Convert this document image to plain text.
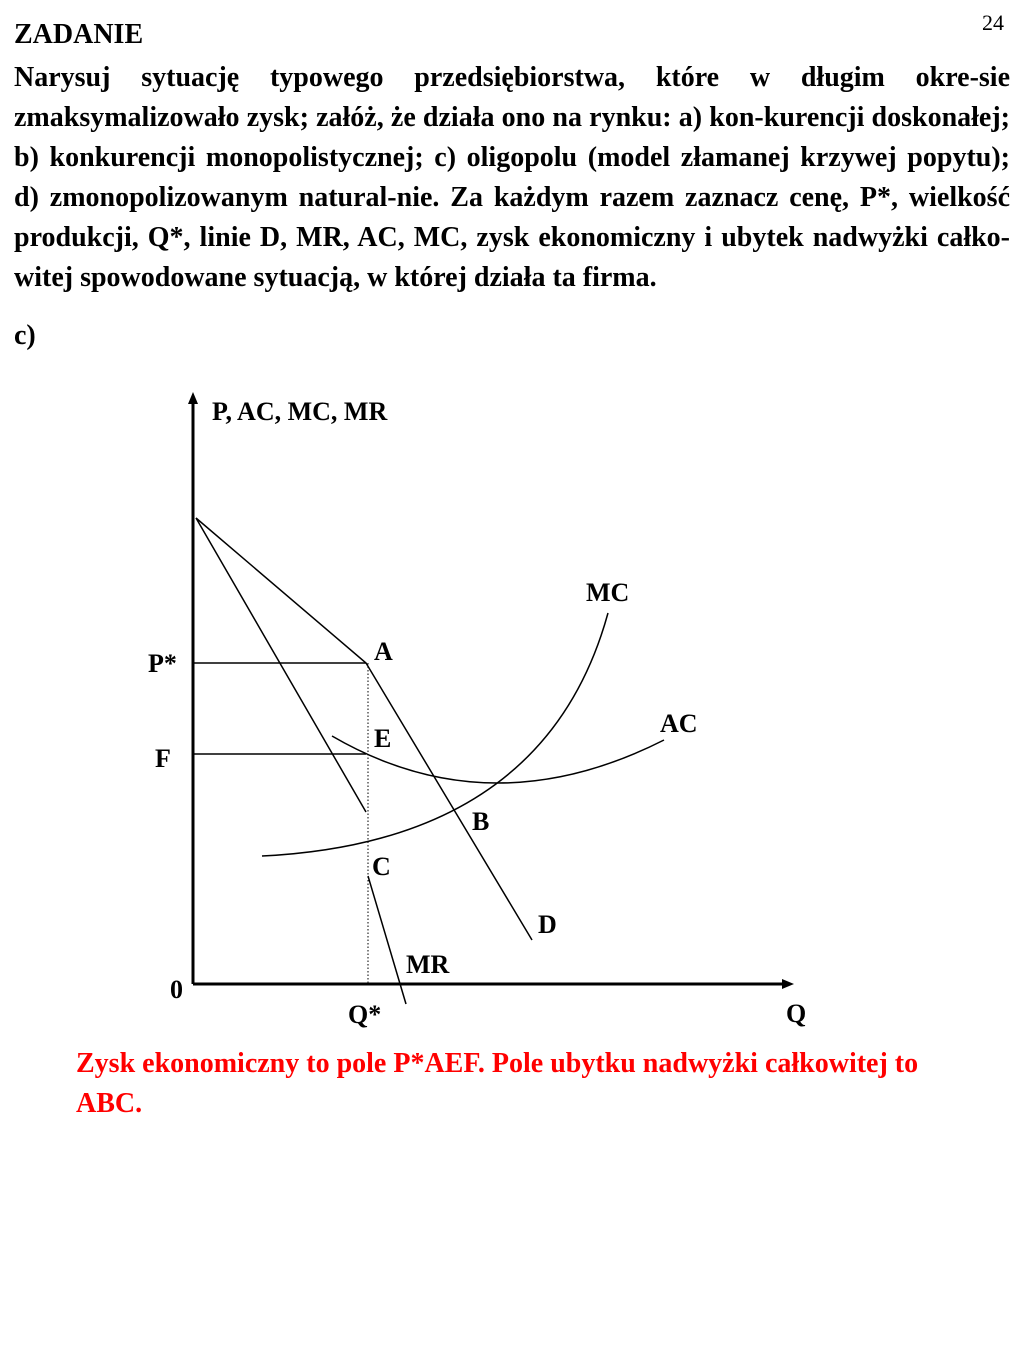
24
ZADANIE
Narysuj sytuację typowego przedsiębiorstwa, które w długim okre-sie zmaksymalizowało zysk; załóż, że działa ono na rynku: a) kon-kurencji doskonałej; b) konkurencji monopolistycznej; c) oligopolu (model złamanej krzywej popytu); d) zmonopolizowanym natural-nie. Za każdym razem zaznacz cenę, P*, wielkość produkcji, Q*, linie D, MR, AC, MC, zysk ekonomiczny i ubytek nadwyżki całko-witej spowodowane sytuacją, w której działa ta firma.
c)
P, AC, MC, MR
Q
0
P*
F
Q*
MC
AC
D
MR
A
E
B
C
Zysk ekonomiczny to pole P*AEF. Pole ubytku nadwyżki całkowitej to ABC.
